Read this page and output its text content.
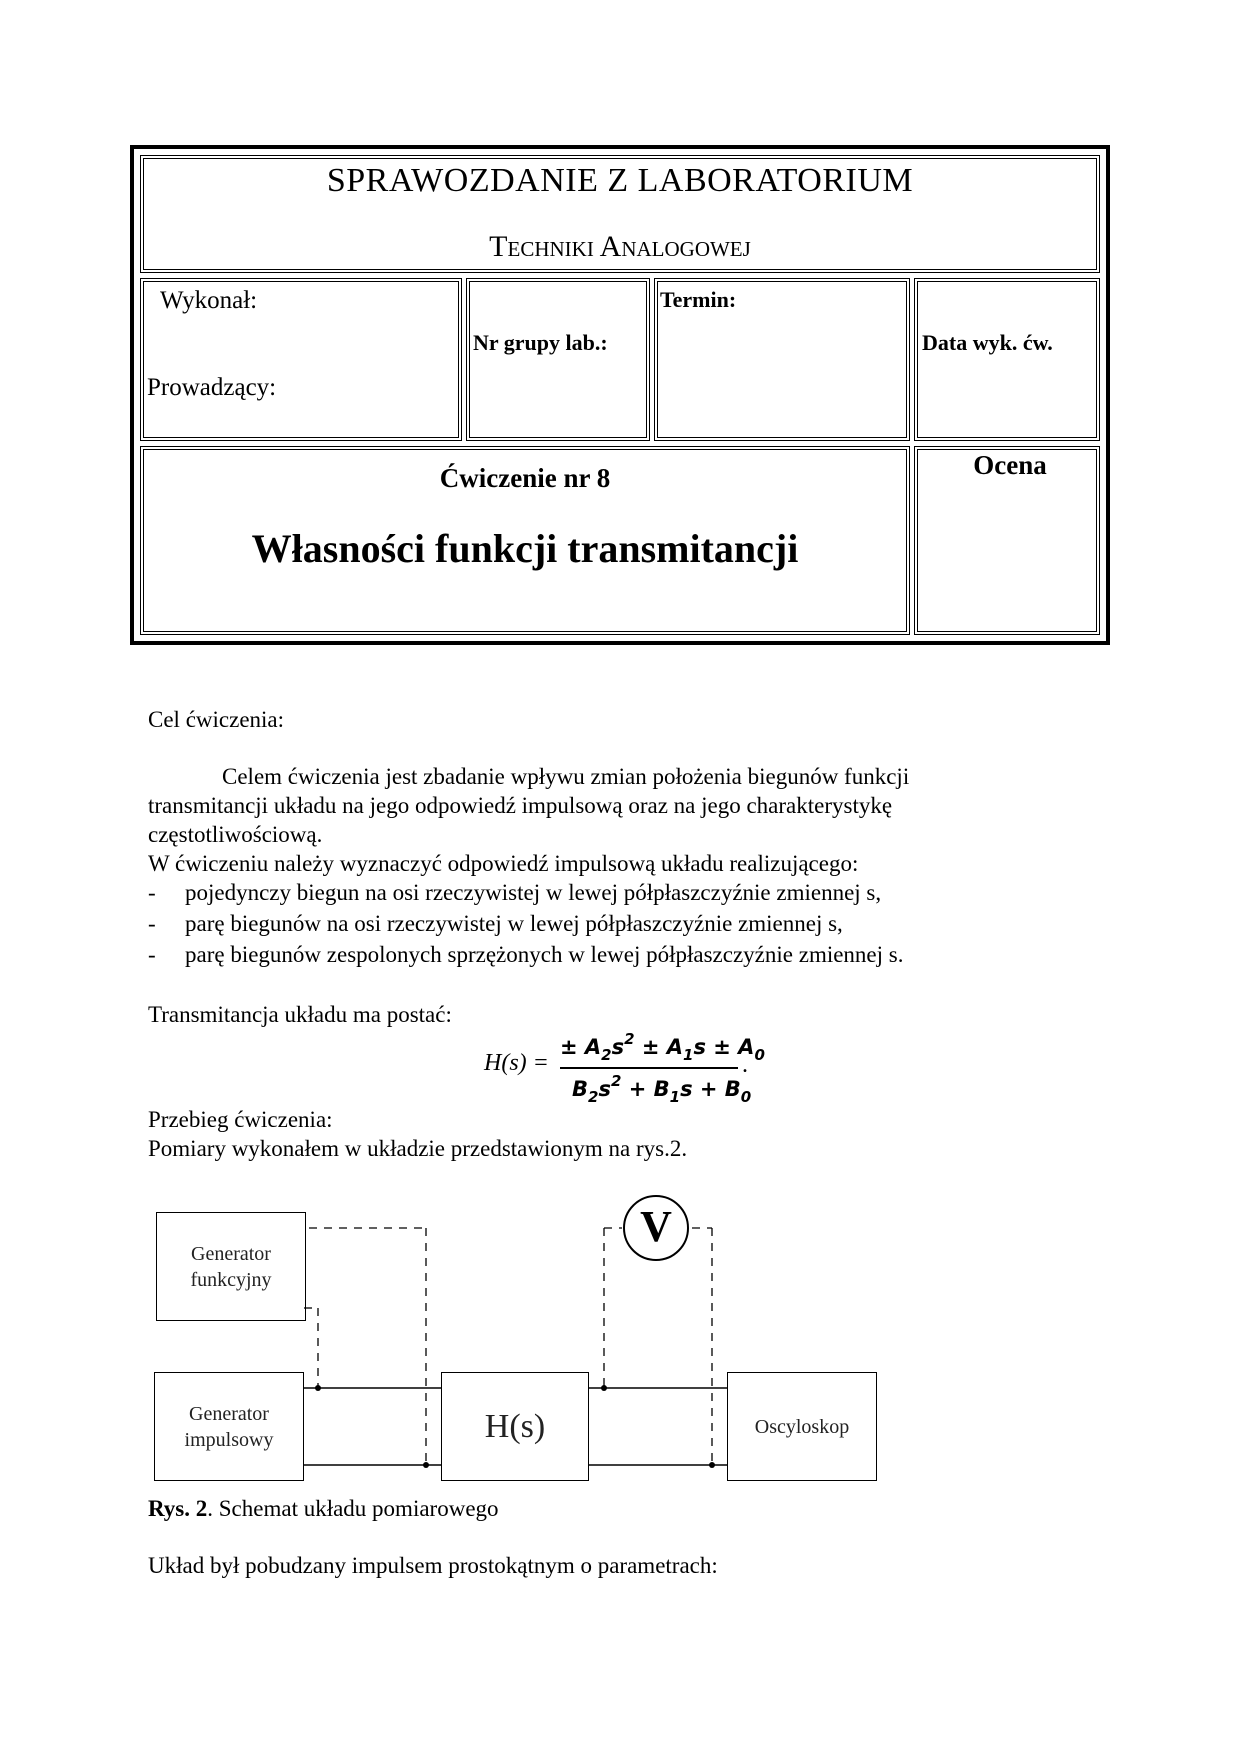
SPRAWOZDANIE Z LABORATORIUM
Techniki Analogowej
Wykonał:
Prowadzący:
Nr grupy lab.:
Termin:
Data wyk. ćw.
Ćwiczenie nr 8
Własności funkcji transmitancji
Ocena
Cel ćwiczenia:
Celem ćwiczenia jest zbadanie wpływu zmian położenia biegunów funkcji
transmitancji układu na jego odpowiedź impulsową oraz na jego charakterystykę
częstotliwościową.
W ćwiczeniu należy wyznaczyć odpowiedź impulsową układu realizującego:
- pojedynczy biegun na osi rzeczywistej w lewej półpłaszczyźnie zmiennej s,
- parę biegunów na osi rzeczywistej w lewej półpłaszczyźnie zmiennej s,
- parę biegunów zespolonych sprzężonych w lewej półpłaszczyźnie zmiennej s.
Transmitancja układu ma postać:
H(s) =
± $A_2s^2 \pm A_1s \pm A_0$
$B_2s^2 + B_1s + B_0$
.
Przebieg ćwiczenia:
Pomiary wykonałem w układzie przedstawionym na rys.2.
Generator
funkcyjny
Generator
impulsowy	H(s)	Oscyloskop
V
Rys. 2. Schemat układu pomiarowego
Układ był pobudzany impulsem prostokątnym o parametrach:
